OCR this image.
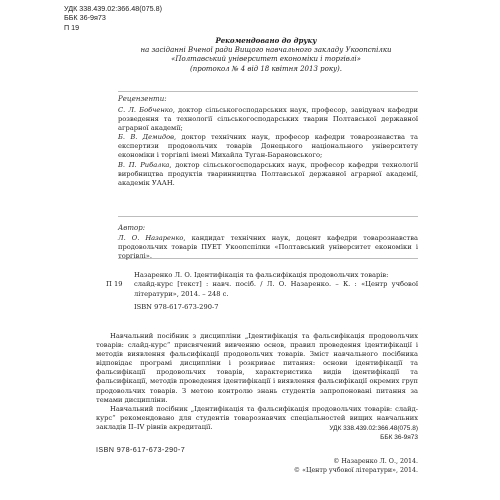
УДК 338.439.02:366.48(075.8)
ББК 36-9я73
П 19
Рекомендовано до друку
на засіданні Вченої ради Вищого навчального закладу Укоопспілки
«Полтавський університет економіки і торгівлі»
(протокол № 4 від 18 квітня 2013 року).
Рецензенти:

С. Л. Бобченко, доктор сільськогосподарських наук, професор, завідувач кафедри розведення та технології сільськогосподарських тварин Полтавської державної аграрної академії;

Б. В. Демидов, доктор технічних наук, професор кафедри товарознавства та експертизи продовольчих товарів Донецького національного університету економіки і торгівлі імені Михайла Туган-Барановського;

В. П. Рибалка, доктор сільськогосподарських наук, професор кафедри технології виробництва продуктів тваринництва Полтавської державної аграрної академії, академік УААН.

Автор:
Л. О. Назаренко, кандидат технічних наук, доцент кафедри товарознавства продовольчих товарів ПУЕТ Укоопспілки «Полтавський університет економіки і торгівлі».
Назаренко Л. О. Ідентифікація та фальсифікація продовольчих товарів:
П 19	слайд-курс [текст] : навч. посіб. / Л. О. Назаренко. – К. : «Центр учбової літератури», 2014. – 248 с.
ISBN 978-617-673-290-7

Навчальний посібник з дисципліни „Ідентифікація та фальсифікація продовольчих товарів: слайд-курс“ присвячений вивченню основ, правил проведення ідентифікації і методів виявлення фальсифікації продовольчих товарів. Зміст навчального посібника відповідає програмі дисципліни і розкриває питання: основи ідентифікації та фальсифікації продовольчих товарів, характеристика видів ідентифікації та фальсифікації, методів проведення ідентифікації і виявлення фальсифікації окремих груп продовольчих товарів. З метою контролю знань студентів запропоновані питання за темами дисципліни.

Навчальний посібник „Ідентифікація та фальсифікація продовольчих товарів: слайд-курс“ рекомендовано для студентів товарознавчих спеціальностей вищих навчальних закладів ІІ–IV рівнів акредитації.	УДК 338.439.02:366.48(075.8)
ББК 36-9я73
ISBN 978-617-673-290-7
© Назаренко Л. О., 2014.
© «Центр учбової літератури», 2014.
